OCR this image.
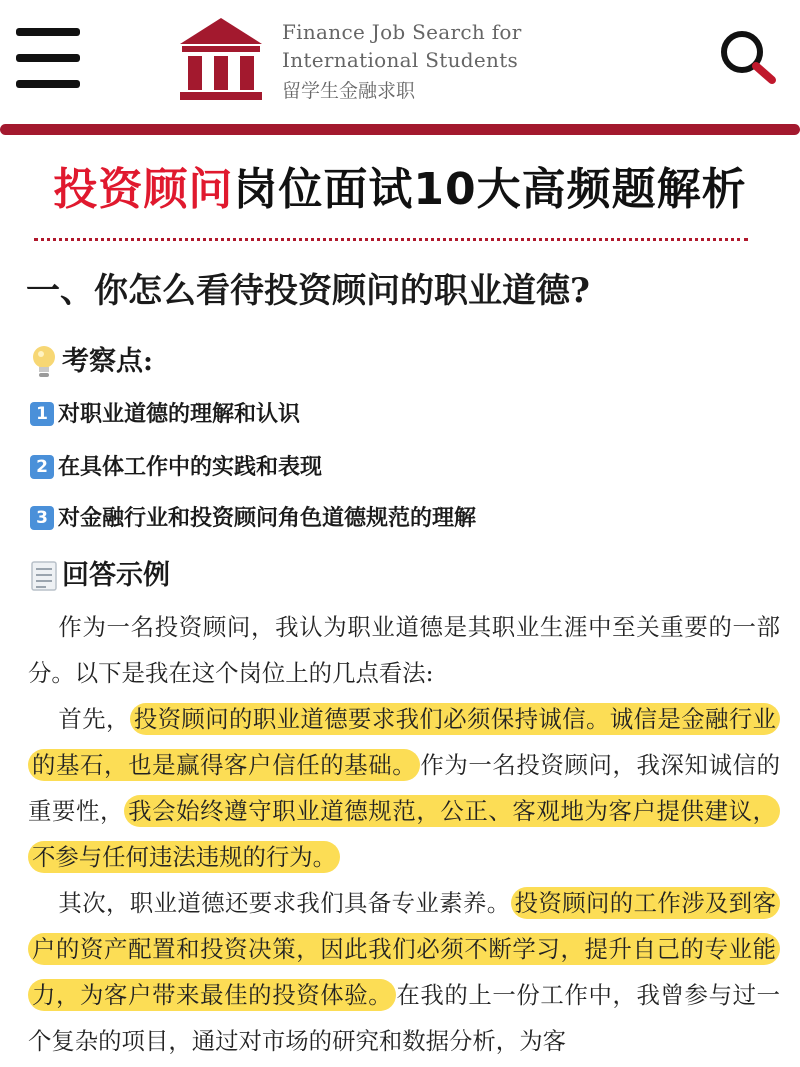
Finance Job Search for
International Students
留学生金融求职
投资顾问岗位面试10大高频题解析
一、你怎么看待投资顾问的职业道德?
考察点:
1 对职业道德的理解和认识
2 在具体工作中的实践和表现
3 对金融行业和投资顾问角色道德规范的理解
回答示例

作为一名投资顾问，我认为职业道德是其职业生涯中至关重要的一部分。以下是我在这个岗位上的几点看法:

首先， 投资顾问的职业道德要求我们必须保持诚信。诚信是金融行业的基石，也是赢得客户信任的基础。 作为一名投资顾问，我深知诚信的重要性， 我会始终遵守职业道德规范，公正、客观地为客户提供建议，不参与任何违法违规的行为。

其次，职业道德还要求我们具备专业素养。 投资顾问的工作涉及到客户的资产配置和投资决策，因此我们必须不断学习，提升自己的专业能力，为客户带来最佳的投资体验。 在我的上一份工作中，我曾参与过一个复杂的项目，通过对市场的研究和数据分析，为客
